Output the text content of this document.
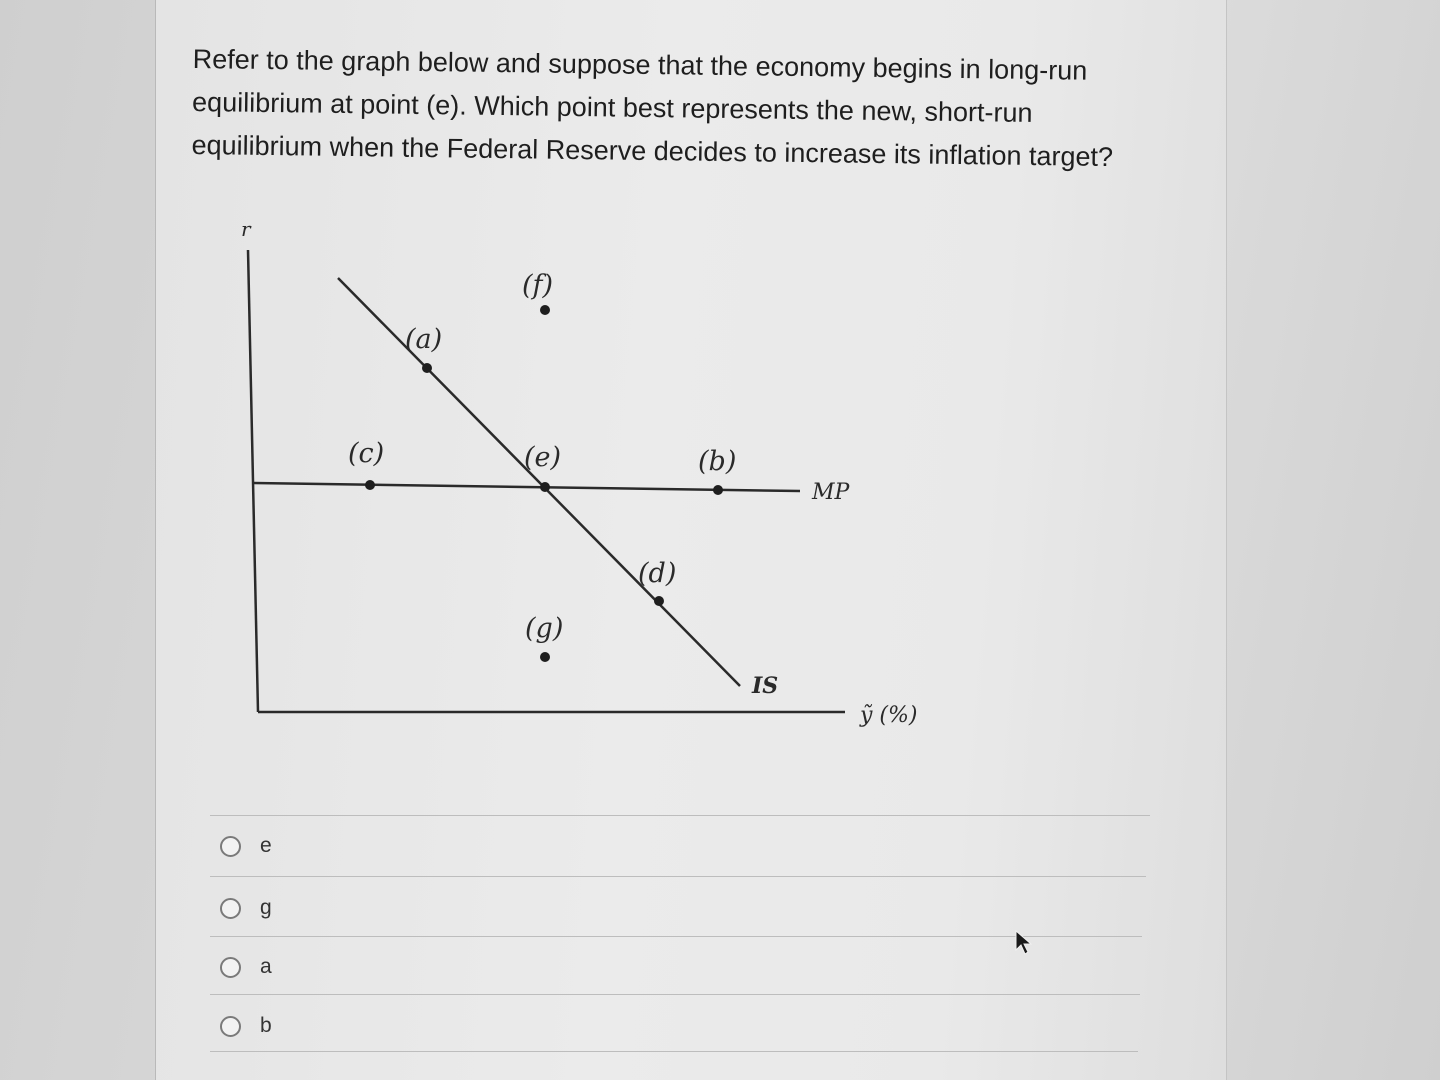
Refer to the graph below and suppose that the economy begins in long-run equilibrium at point (e). Which point best represents the new, short-run equilibrium when the Federal Reserve decides to increase its inflation target?

r
ỹ (%)
MP
IS
(a)
(b)
(c)
(d)
(e)
(f)
(g)
e
g
a
b
